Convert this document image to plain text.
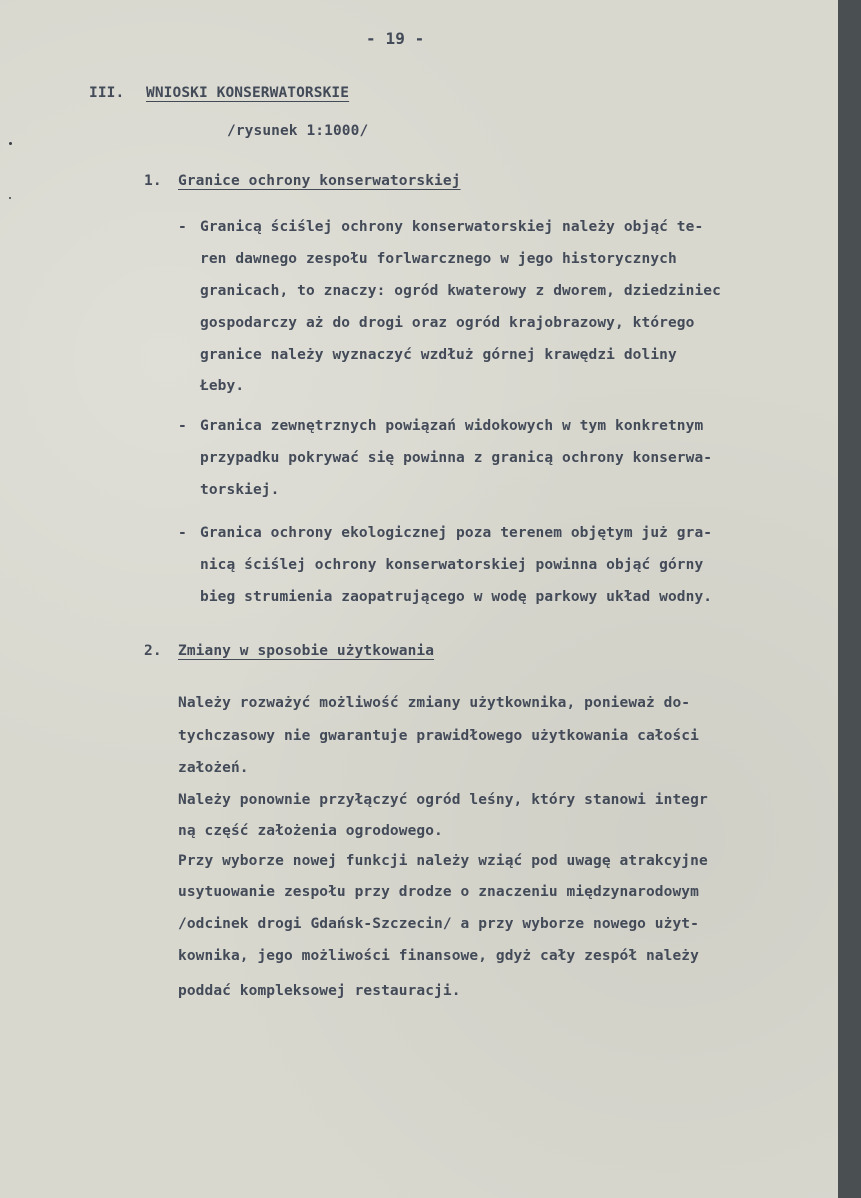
- 19 -
III. WNIOSKI KONSERWATORSKIE
/rysunek 1:1000/
1. Granice ochrony konserwatorskiej
- Granicą ściślej ochrony konserwatorskiej należy objąć te-
ren dawnego zespołu forlwarcznego w jego historycznych
granicach, to znaczy: ogród kwaterowy z dworem, dziedziniec
gospodarczy aż do drogi oraz ogród krajobrazowy, którego
granice należy wyznaczyć wzdłuż górnej krawędzi doliny
Łeby.
- Granica zewnętrznych powiązań widokowych w tym konkretnym
przypadku pokrywać się powinna z granicą ochrony konserwa-
torskiej.
- Granica ochrony ekologicznej poza terenem objętym już gra-
nicą ściślej ochrony konserwatorskiej powinna objąć górny
bieg strumienia zaopatrującego w wodę parkowy układ wodny.
2. Zmiany w sposobie użytkowania
Należy rozważyć możliwość zmiany użytkownika, ponieważ do-
tychczasowy nie gwarantuje prawidłowego użytkowania całości
założeń.
Należy ponownie przyłączyć ogród leśny, który stanowi integr
ną część założenia ogrodowego.
Przy wyborze nowej funkcji należy wziąć pod uwagę atrakcyjne
usytuowanie zespołu przy drodze o znaczeniu międzynarodowym
/odcinek drogi Gdańsk-Szczecin/ a przy wyborze nowego użyt-
kownika, jego możliwości finansowe, gdyż cały zespół należy
poddać kompleksowej restauracji.
